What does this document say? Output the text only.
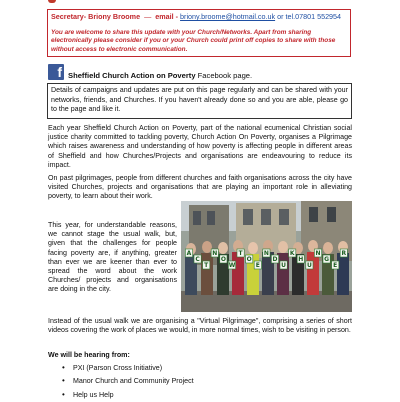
Secretary- Briony Broome — email - briony.broome@hotmail.co.uk or tel.07801 552954
You are welcome to share this update with your Church/Networks. Apart from sharing electronically please consider if you or your Church could print off copies to share with those without access to electronic communication.
f Sheffield Church Action on Poverty Facebook page.
Details of campaigns and updates are put on this page regularly and can be shared with your networks, friends, and Churches. If you haven't already done so and you are able, please go to the page and like it.

Each year Sheffield Church Action on Poverty, part of the national ecumenical Christian social justice charity committed to tackling poverty, Church Action On Poverty, organises a Pilgrimage which raises awareness and understanding of how poverty is affecting people in different areas of Sheffield and how Churches/Projects and organisations are endeavouring to reduce its impact.

On past pilgrimages, people from different churches and faith organisations across the city have visited Churches, projects and organisations that are playing an important role in alleviating poverty, to learn about their work.

This year, for understandable reasons, we cannot stage the usual walk, but, given that the challenges for people facing poverty are, if anything, greater than ever we are keener than ever to spread the word about the work Churches/ projects and organisations are doing in the city.

A
C
T
N
O
W
T
O
E
N
D
U
K
H
U
N
G
E
R

Instead of the usual walk we are organising a "Virtual Pilgrimage", comprising a series of short videos covering the work of places we would, in more normal times, wish to be visiting in person.

We will be hearing from:
• PXI (Parson Cross Initiative)
• Manor Church and Community Project
• Help us Help
